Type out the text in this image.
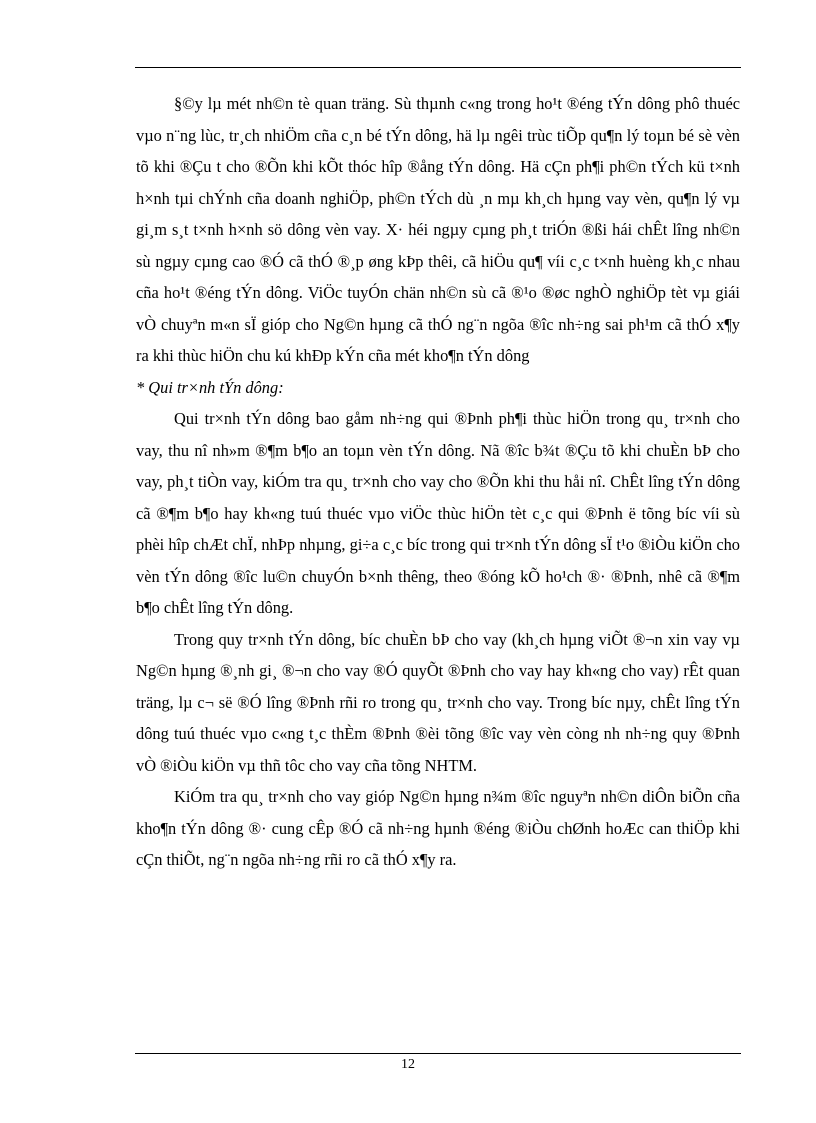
§©y lµ mét nh©n tè quan träng. Sù thµnh c«ng trong ho¹t ®éng tÝn dông phô thuéc vµo n¨ng lùc, tr¸ch nhiÖm cña c¸n bé tÝn dông, hä lµ ngêi trùc tiÕp qu¶n lý toµn bé sè vèn tõ khi ®Çu t cho ®Õn khi kÕt thóc hîp ®ång tÝn dông. Hä cÇn ph¶i ph©n tÝch kü t×nh h×nh tµi chÝnh cña doanh nghiÖp, ph©n tÝch dù ¸n mµ kh¸ch hµng vay vèn, qu¶n lý vµ gi¸m s¸t t×nh h×nh sö dông vèn vay. X· héi ngµy cµng ph¸t triÓn ®ßi hái chÊt lîng nh©n sù ngµy cµng cao ®Ó cã thÓ ®¸p øng kÞp thêi, cã hiÖu qu¶ víi c¸c t×nh huèng kh¸c nhau cña ho¹t ®éng tÝn dông. ViÖc tuyÓn chän nh©n sù cã ®¹o ®øc nghÒ nghiÖp tèt vµ giái vÒ chuyªn m«n sÏ gióp cho Ng©n hµng cã thÓ ng¨n ngõa ®îc nh÷ng sai ph¹m cã thÓ x¶y ra khi thùc hiÖn chu kú khÐp kÝn cña mét kho¶n tÝn dông

* Qui tr×nh tÝn dông:

Qui tr×nh tÝn dông bao gåm nh÷ng qui ®Þnh ph¶i thùc hiÖn trong qu¸ tr×nh cho vay, thu nî nh»m ®¶m b¶o an toµn vèn tÝn dông. Nã ®îc b¾t ®Çu tõ khi chuÈn bÞ cho vay, ph¸t tiÒn vay, kiÓm tra qu¸ tr×nh cho vay cho ®Õn khi thu håi nî. ChÊt lîng tÝn dông cã ®¶m b¶o hay kh«ng tuú thuéc vµo viÖc thùc hiÖn tèt c¸c qui ®Þnh ë tõng bíc víi sù phèi hîp chÆt chÏ, nhÞp nhµng, gi÷a c¸c bíc trong qui tr×nh tÝn dông sÏ t¹o ®iÒu kiÖn cho vèn tÝn dông ®îc lu©n chuyÓn b×nh thêng, theo ®óng kÕ ho¹ch ®· ®Þnh, nhê cã ®¶m b¶o chÊt lîng tÝn dông.

Trong quy tr×nh tÝn dông, bíc chuÈn bÞ cho vay (kh¸ch hµng viÕt ®¬n xin vay vµ Ng©n hµng ®¸nh gi¸ ®¬n cho vay ®Ó quyÕt ®Þnh cho vay hay kh«ng cho vay) rÊt quan träng, lµ c¬ së ®Ó lîng ®Þnh rñi ro trong qu¸ tr×nh cho vay. Trong bíc nµy, chÊt lîng tÝn dông tuú thuéc vµo c«ng t¸c thÈm ®Þnh ®èi tõng ®îc vay vèn còng nh nh÷ng quy ®Þnh vÒ ®iÒu kiÖn vµ thñ tôc cho vay cña tõng NHTM.

KiÓm tra qu¸ tr×nh cho vay gióp Ng©n hµng n¾m ®îc nguyªn nh©n diÔn biÕn cña kho¶n tÝn dông ®· cung cÊp ®Ó cã nh÷ng hµnh ®éng ®iÒu chØnh hoÆc can thiÖp khi cÇn thiÕt, ng¨n ngõa nh÷ng rñi ro cã thÓ x¶y ra.

12
